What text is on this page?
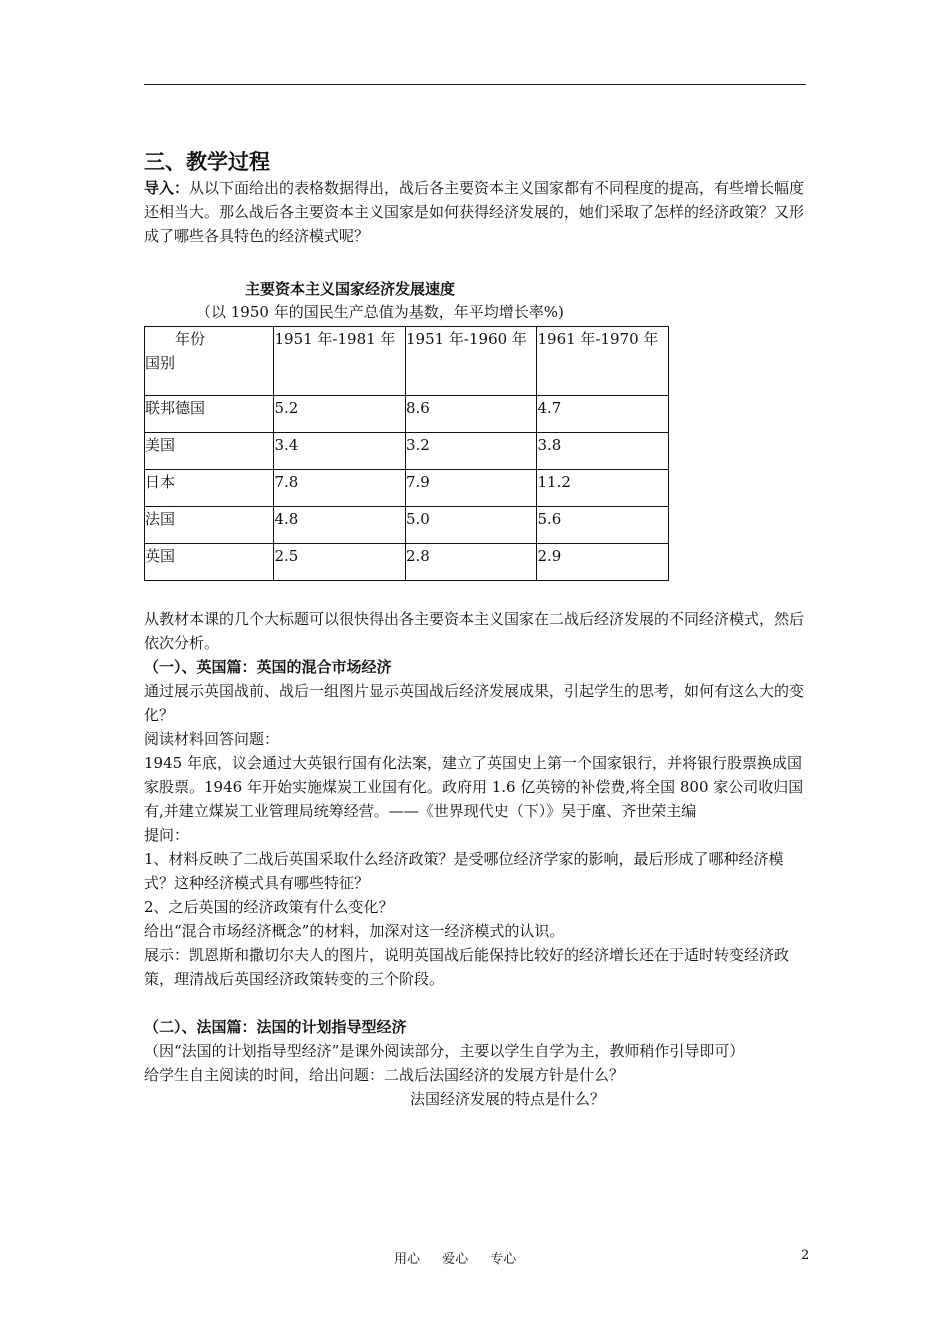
三、教学过程

导入：从以下面给出的表格数据得出，战后各主要资本主义国家都有不同程度的提高，有些增长幅度还相当大。那么战后各主要资本主义国家是如何获得经济发展的，她们采取了怎样的经济政策？又形成了哪些各具特色的经济模式呢？

主要资本主义国家经济发展速度
（以 1950 年的国民生产总值为基数，年平均增长率%)
年份
国别	1951 年-1981 年	1951 年-1960 年	1961 年-1970 年
联邦德国	5.2	8.6	4.7
美国	3.4	3.2	3.8
日本	7.8	7.9	11.2
法国	4.8	5.0	5.6
英国	2.5	2.8	2.9

从教材本课的几个大标题可以很快得出各主要资本主义国家在二战后经济发展的不同经济模式，然后依次分析。

（一）、英国篇：英国的混合市场经济

通过展示英国战前、战后一组图片显示英国战后经济发展成果，引起学生的思考，如何有这么大的变化？

阅读材料回答问题：

1945 年底，议会通过大英银行国有化法案，建立了英国史上第一个国家银行，并将银行股票换成国家股票。1946 年开始实施煤炭工业国有化。政府用 1.6 亿英镑的补偿费,将全国 800 家公司收归国有,并建立煤炭工业管理局统筹经营。——《世界现代史（下）》吴于廑、齐世荣主编

提问：

1、材料反映了二战后英国采取什么经济政策？是受哪位经济学家的影响，最后形成了哪种经济模式？这种经济模式具有哪些特征？

2、之后英国的经济政策有什么变化？

给出“混合市场经济概念”的材料，加深对这一经济模式的认识。

展示：凯恩斯和撒切尔夫人的图片，说明英国战后能保持比较好的经济增长还在于适时转变经济政策，理清战后英国经济政策转变的三个阶段。

（二）、法国篇：法国的计划指导型经济

（因“法国的计划指导型经济”是课外阅读部分，主要以学生自学为主，教师稍作引导即可）

给学生自主阅读的时间，给出问题：二战后法国经济的发展方针是什么？

法国经济发展的特点是什么？

用心 爱心 专心	2
